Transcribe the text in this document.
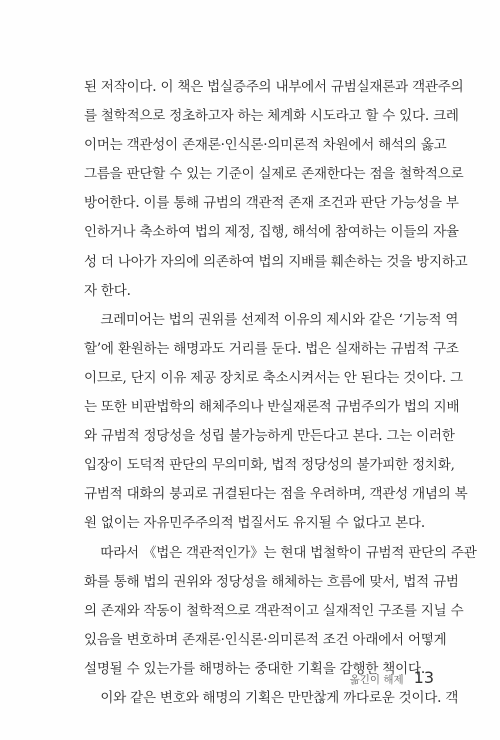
된 저작이다. 이 책은 법실증주의 내부에서 규범실재론과 객관주의
를 철학적으로 정초하고자 하는 체계화 시도라고 할 수 있다. 크레
이머는 객관성이 존재론·인식론·의미론적 차원에서 해석의 옳고
그름을 판단할 수 있는 기준이 실제로 존재한다는 점을 철학적으로
방어한다. 이를 통해 규범의 객관적 존재 조건과 판단 가능성을 부
인하거나 축소하여 법의 제정, 집행, 해석에 참여하는 이들의 자율
성 더 나아가 자의에 의존하여 법의 지배를 훼손하는 것을 방지하고
자 한다.
크레미어는 법의 권위를 선제적 이유의 제시와 같은 ‘기능적 역
할’에 환원하는 해명과도 거리를 둔다. 법은 실재하는 규범적 구조
이므로, 단지 이유 제공 장치로 축소시켜서는 안 된다는 것이다. 그
는 또한 비판법학의 해체주의나 반실재론적 규범주의가 법의 지배
와 규범적 정당성을 성립 불가능하게 만든다고 본다. 그는 이러한
입장이 도덕적 판단의 무의미화, 법적 정당성의 불가피한 정치화,
규범적 대화의 붕괴로 귀결된다는 점을 우려하며, 객관성 개념의 복
원 없이는 자유민주주의적 법질서도 유지될 수 없다고 본다.
따라서 《법은 객관적인가》는 현대 법철학이 규범적 판단의 주관
화를 통해 법의 권위와 정당성을 해체하는 흐름에 맞서, 법적 규범
의 존재와 작동이 철학적으로 객관적이고 실재적인 구조를 지닐 수
있음을 변호하며 존재론·인식론·의미론적 조건 아래에서 어떻게
설명될 수 있는가를 해명하는 중대한 기획을 감행한 책이다.
이와 같은 변호와 해명의 기획은 만만찮게 까다로운 것이다. 객
옮긴이 해제 13
